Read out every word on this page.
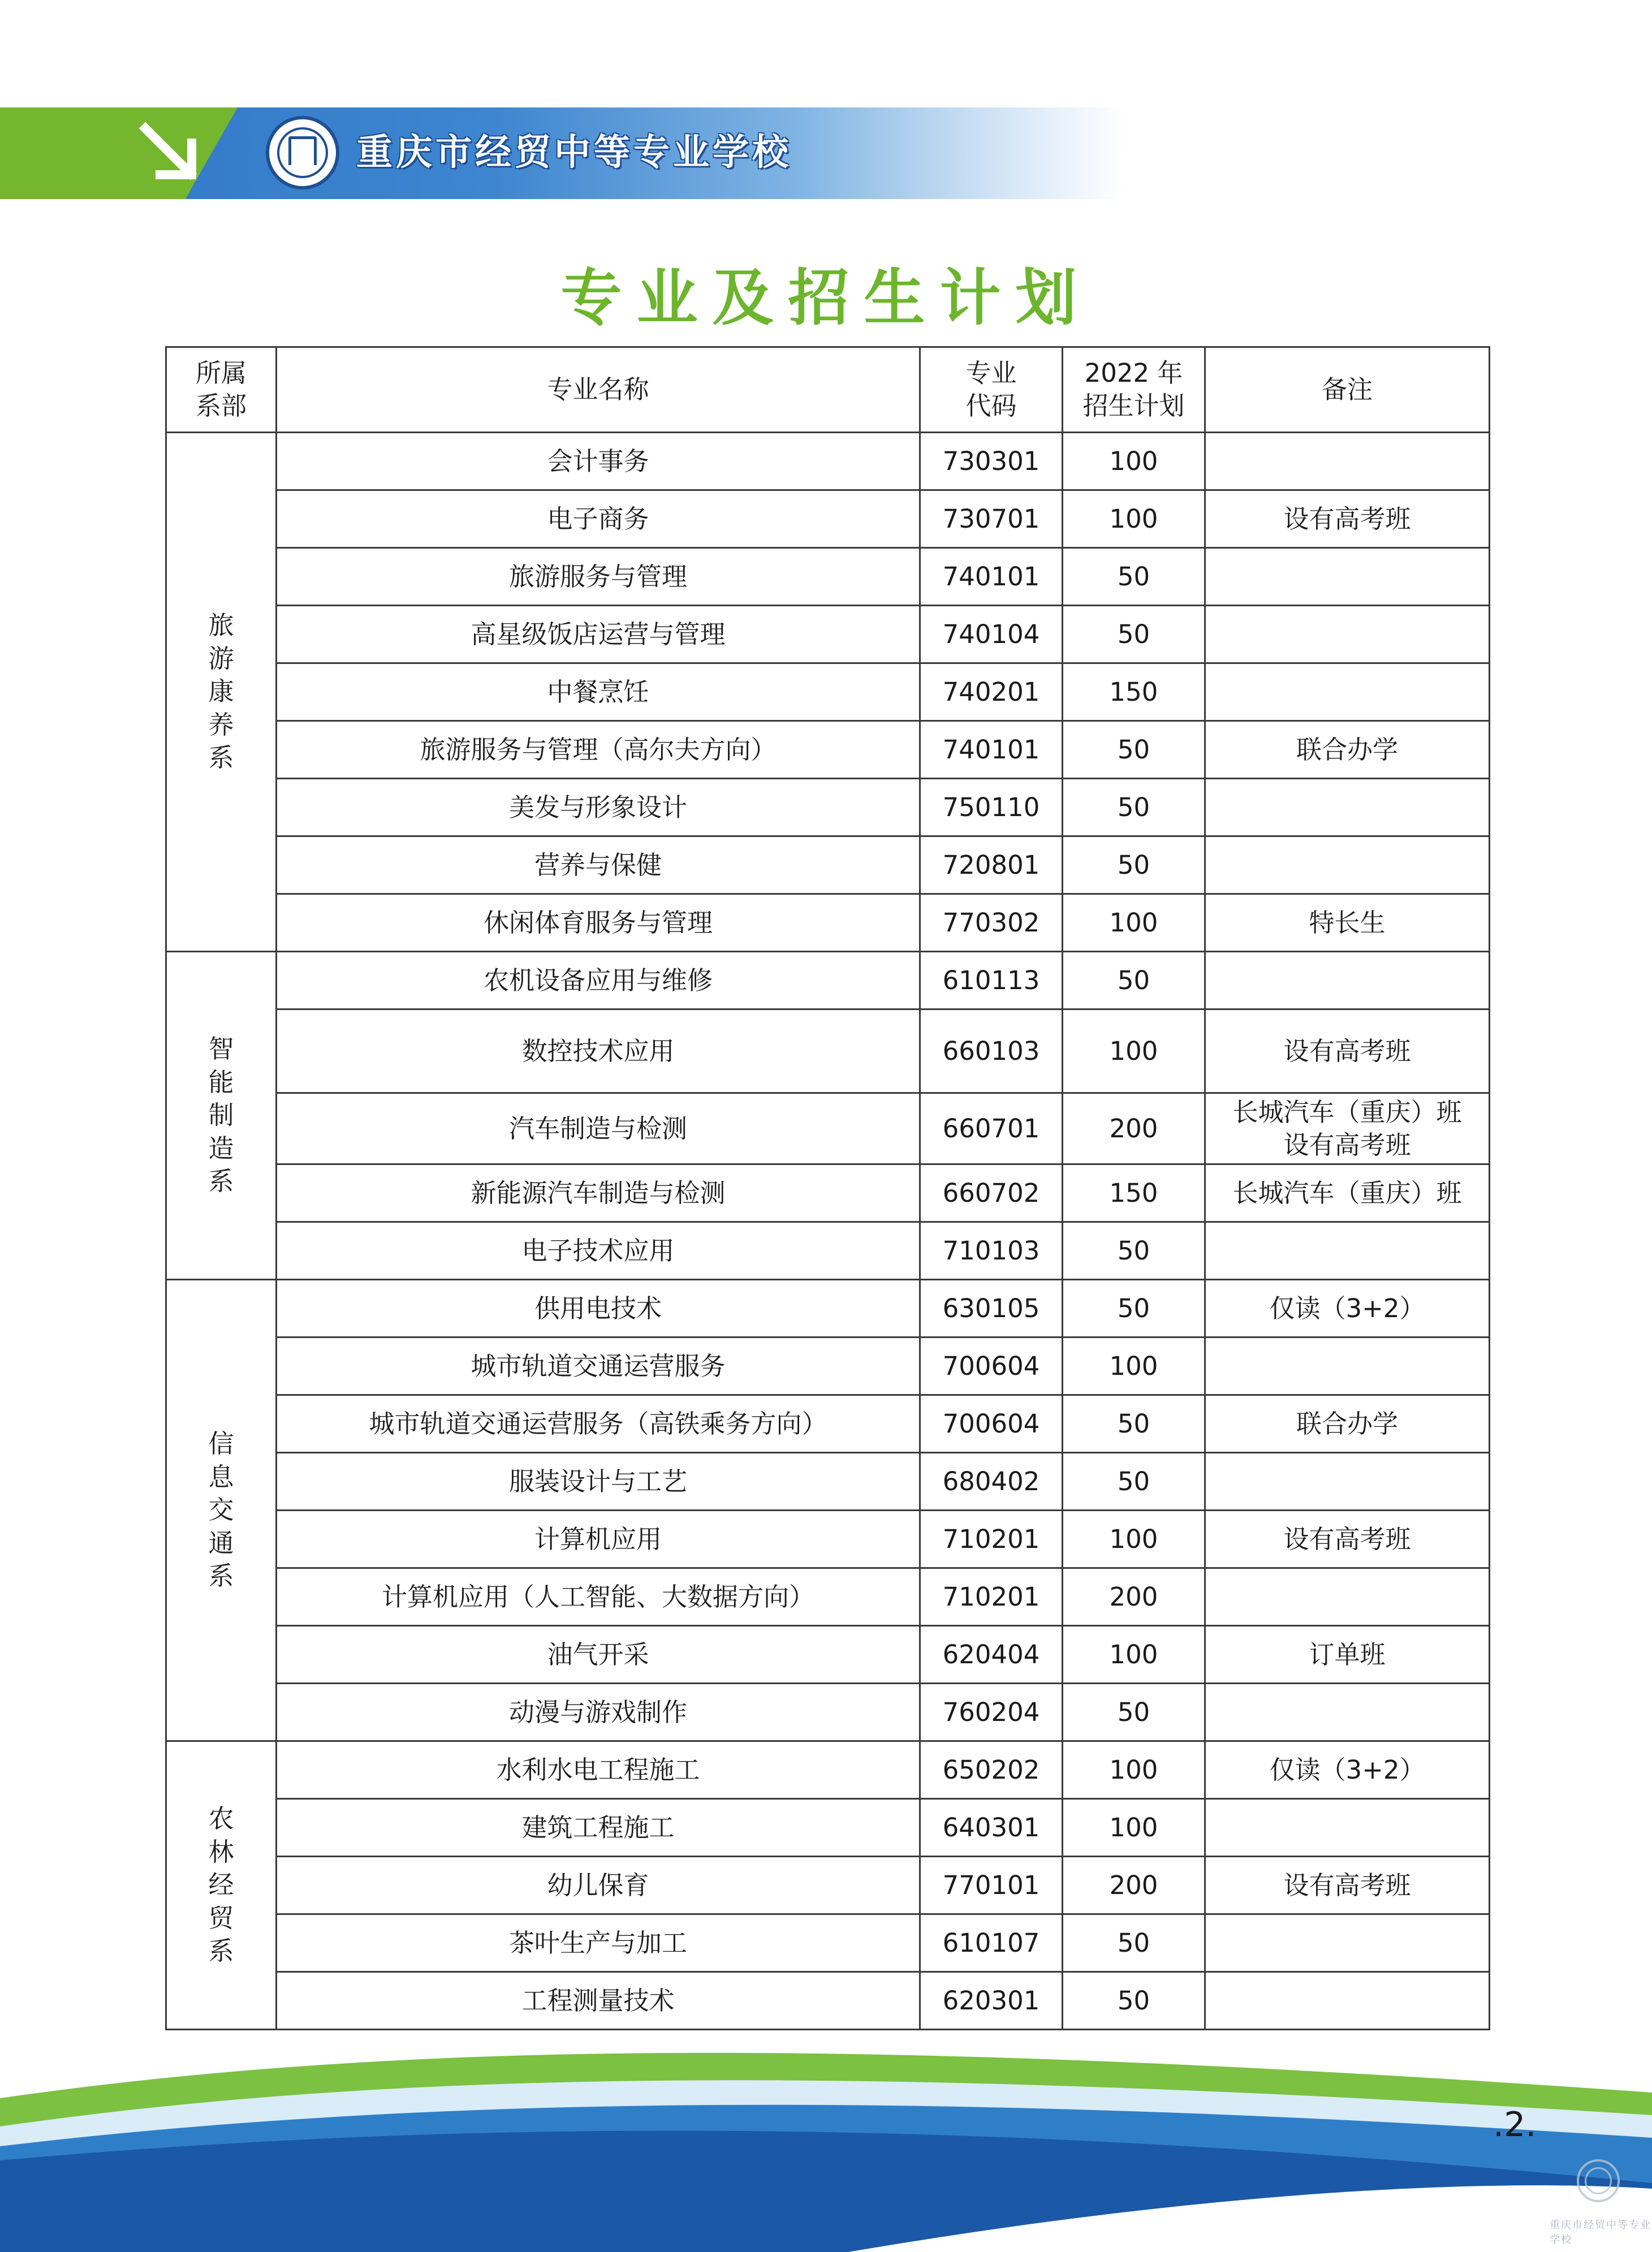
重庆市经贸中等专业学校
专业及招生计划
所属系部	专业名称	专业代码	2022 年招生计划	备注

旅游康养系	会计事务	730301	100	
	电子商务	730701	100	设有高考班
	旅游服务与管理	740101	50	
	高星级饭店运营与管理	740104	50	
	中餐烹饪	740201	150	
	旅游服务与管理（高尔夫方向）	740101	50	联合办学
	美发与形象设计	750110	50	
	营养与保健	720801	50	
	休闲体育服务与管理	770302	100	特长生

智能制造系	农机设备应用与维修	610113	50	
	数控技术应用	660103	100	设有高考班
	汽车制造与检测	660701	200	长城汽车（重庆）班
设有高考班

	新能源汽车制造与检测	660702	150	长城汽车（重庆）班
	电子技术应用	710103	50	

信息交通系	供用电技术	630105	50	仅读（3+2）
	城市轨道交通运营服务	700604	100	
	城市轨道交通运营服务（高铁乘务方向）	700604	50	联合办学
	服装设计与工艺	680402	50	
	计算机应用	710201	100	设有高考班
	计算机应用（人工智能、大数据方向）	710201	200	
	油气开采	620404	100	订单班
	动漫与游戏制作	760204	50	

农林经贸系	水利水电工程施工	650202	100	仅读（3+2）
	建筑工程施工	640301	100	
	幼儿保育	770101	200	设有高考班
	茶叶生产与加工	610107	50	
	工程测量技术	620301	50	
.2.
重庆市经贸中等专业学校
